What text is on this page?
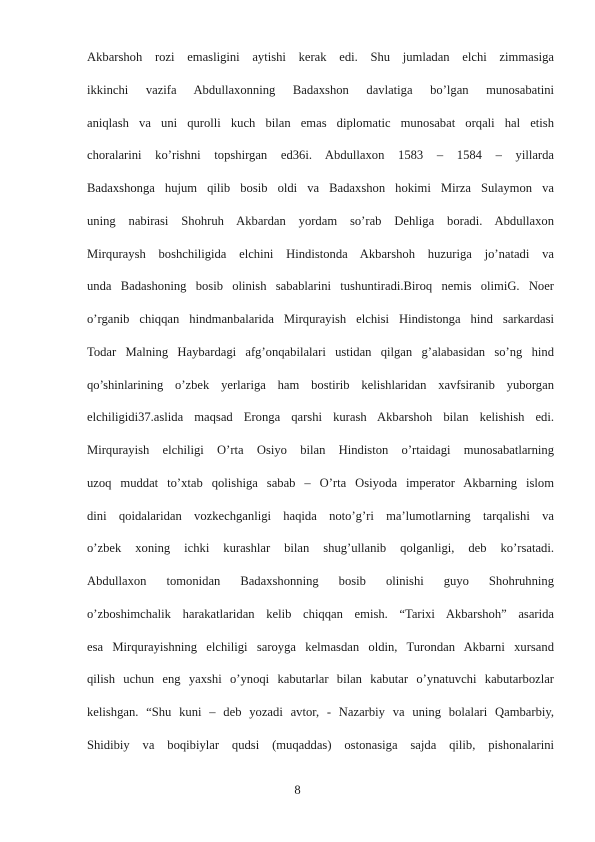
Akbarshoh rozi emasligini aytishi kerak edi. Shu jumladan elchi zimmasiga
ikkinchi vazifa Abdullaxonning Badaxshon davlatiga bo’lgan munosabatini
aniqlash va uni qurolli kuch bilan emas diplomatic munosabat orqali hal etish
choralarini ko’rishni topshirgan ed36i. Abdullaxon 1583 – 1584 – yillarda
Badaxshonga hujum qilib bosib oldi va Badaxshon hokimi Mirza Sulaymon va
uning nabirasi Shohruh Akbardan yordam so’rab Dehliga boradi. Abdullaxon
Mirquraysh boshchiligida elchini Hindistonda Akbarshoh huzuriga jo’natadi va
unda Badashoning bosib olinish sabablarini tushuntiradi.Biroq nemis olimiG. Noer
o’rganib chiqqan hindmanbalarida Mirqurayish elchisi Hindistonga hind sarkardasi
Todar Malning Haybardagi afg’onqabilalari ustidan qilgan g’alabasidan so’ng hind
qo’shinlarining o’zbek yerlariga ham bostirib kelishlaridan xavfsiranib yuborgan
elchiligidi37.aslida maqsad Eronga qarshi kurash Akbarshoh bilan kelishish edi.
Mirqurayish elchiligi O’rta Osiyo bilan Hindiston o’rtaidagi munosabatlarning
uzoq muddat to’xtab qolishiga sabab – O’rta Osiyoda imperator Akbarning islom
dini qoidalaridan vozkechganligi haqida noto’g’ri ma’lumotlarning tarqalishi va
o’zbek xoning ichki kurashlar bilan shug’ullanib qolganligi, deb ko’rsatadi.
Abdullaxon tomonidan Badaxshonning bosib olinishi guyo Shohruhning
o’zboshimchalik harakatlaridan kelib chiqqan emish. “Tarixi Akbarshoh” asarida
esa Mirqurayishning elchiligi saroyga kelmasdan oldin, Turondan Akbarni xursand
qilish uchun eng yaxshi o’ynoqi kabutarlar bilan kabutar o’ynatuvchi kabutarbozlar
kelishgan. “Shu kuni – deb yozadi avtor, - Nazarbiy va uning bolalari Qambarbiy,
Shidibiy va boqibiylar qudsi (muqaddas) ostonasiga sajda qilib, pishonalarini
8
